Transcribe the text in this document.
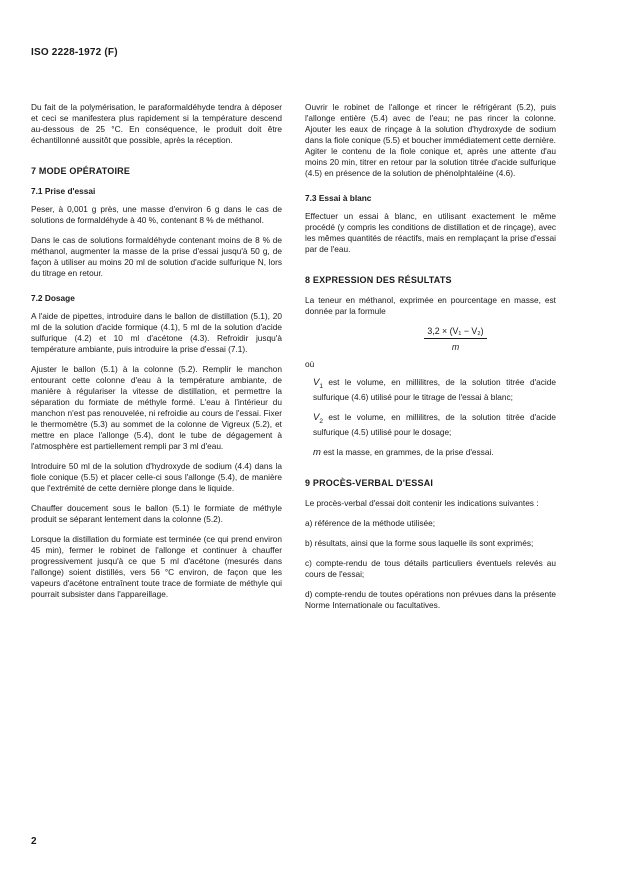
ISO 2228-1972 (F)

Du fait de la polymérisation, le paraformaldéhyde tendra à déposer et ceci se manifestera plus rapidement si la température descend au-dessous de 25 °C. En conséquence, le produit doit être échantillonné aussitôt que possible, après la réception.

7 MODE OPÉRATOIRE
7.1 Prise d'essai

Peser, à 0,001 g près, une masse d'environ 6 g dans le cas de solutions de formaldéhyde à 40 %, contenant 8 % de méthanol.

Dans le cas de solutions formaldéhyde contenant moins de 8 % de méthanol, augmenter la masse de la prise d'essai jusqu'à 50 g, de façon à utiliser au moins 20 ml de solution d'acide sulfurique N, lors du titrage en retour.

7.2 Dosage

A l'aide de pipettes, introduire dans le ballon de distillation (5.1), 20 ml de la solution d'acide formique (4.1), 5 ml de la solution d'acide sulfurique (4.2) et 10 ml d'acétone (4.3). Refroidir jusqu'à température ambiante, puis introduire la prise d'essai (7.1).

Ajuster le ballon (5.1) à la colonne (5.2). Remplir le manchon entourant cette colonne d'eau à la température ambiante, de manière à régulariser la vitesse de distillation, et permettre la séparation du formiate de méthyle formé. L'eau à l'intérieur du manchon n'est pas renouvelée, ni refroidie au cours de l'essai. Fixer le thermomètre (5.3) au sommet de la colonne de Vigreux (5.2), et mettre en place l'allonge (5.4), dont le tube de dégagement à l'atmosphère est partiellement rempli par 3 ml d'eau.

Introduire 50 ml de la solution d'hydroxyde de sodium (4.4) dans la fiole conique (5.5) et placer celle-ci sous l'allonge (5.4), de manière que l'extrémité de cette dernière plonge dans le liquide.

Chauffer doucement sous le ballon (5.1) le formiate de méthyle produit se séparant lentement dans la colonne (5.2).

Lorsque la distillation du formiate est terminée (ce qui prend environ 45 min), fermer le robinet de l'allonge et continuer à chauffer progressivement jusqu'à ce que 5 ml d'acétone (mesurés dans l'allonge) soient distillés, vers 56 °C environ, de façon que les vapeurs d'acétone entraînent toute trace de formiate de méthyle qui pourrait subsister dans l'appareillage.

Ouvrir le robinet de l'allonge et rincer le réfrigérant (5.2), puis l'allonge entière (5.4) avec de l'eau; ne pas rincer la colonne. Ajouter les eaux de rinçage à la solution d'hydroxyde de sodium dans la fiole conique (5.5) et boucher immédiatement cette dernière. Agiter le contenu de la fiole conique et, après une attente d'au moins 20 min, titrer en retour par la solution titrée d'acide sulfurique (4.5) en présence de la solution de phénolphtaléine (4.6).

7.3 Essai à blanc

Effectuer un essai à blanc, en utilisant exactement le même procédé (y compris les conditions de distillation et de rinçage), avec les mêmes quantités de réactifs, mais en remplaçant la prise d'essai par de l'eau.

8 EXPRESSION DES RÉSULTATS

La teneur en méthanol, exprimée en pourcentage en masse, est donnée par la formule

3,2 × (V₁ − V₂)
m
où
$V_1$ est le volume, en millilitres, de la solution titrée d'acide sulfurique (4.6) utilisé pour le titrage de l'essai à blanc;
$V_2$ est le volume, en millilitres, de la solution titrée d'acide sulfurique (4.5) utilisé pour le dosage;
m est la masse, en grammes, de la prise d'essai.
9 PROCÈS-VERBAL D'ESSAI

Le procès-verbal d'essai doit contenir les indications suivantes :

a) référence de la méthode utilisée;
b) résultats, ainsi que la forme sous laquelle ils sont exprimés;
c) compte-rendu de tous détails particuliers éventuels relevés au cours de l'essai;
d) compte-rendu de toutes opérations non prévues dans la présente Norme Internationale ou facultatives.
2
